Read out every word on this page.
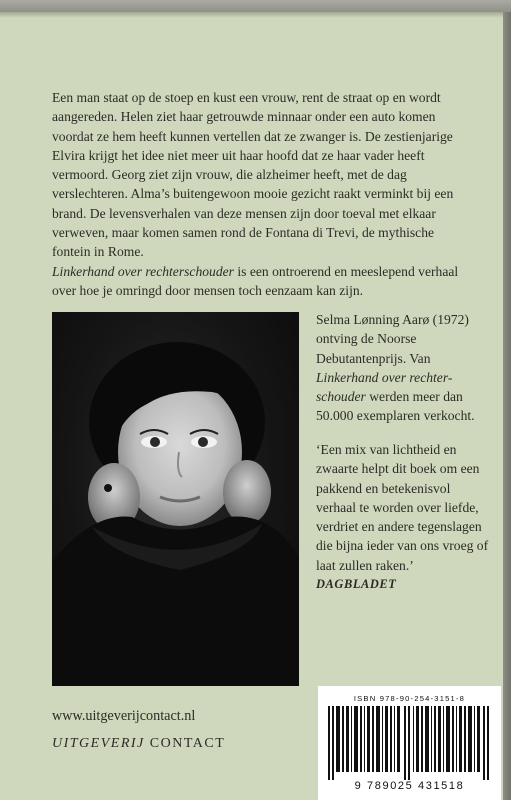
Een man staat op de stoep en kust een vrouw, rent de straat op en wordt aangereden. Helen ziet haar getrouwde minnaar onder een auto komen voordat ze hem heeft kunnen vertellen dat ze zwanger is. De zestienjarige Elvira krijgt het idee niet meer uit haar hoofd dat ze haar vader heeft vermoord. Georg ziet zijn vrouw, die alzheimer heeft, met de dag verslechteren. Alma’s buitengewoon mooie gezicht raakt verminkt bij een brand. De levensverhalen van deze mensen zijn door toeval met elkaar verweven, maar komen samen rond de Fontana di Trevi, de mythische fontein in Rome.

Linkerhand over rechterschouder is een ontroerend en meeslepend verhaal over hoe je omringd door mensen toch eenzaam kan zijn.

Selma Lønning Aarø (1972) ontving de Noorse Debutantenprijs. Van Linkerhand over rechter-schouder werden meer dan 50.000 exemplaren verkocht.
‘Een mix van lichtheid en zwaarte helpt dit boek om een pakkend en betekenisvol verhaal te worden over liefde, verdriet en andere tegenslagen die bijna ieder van ons vroeg of laat zullen raken.’
DAGBLADET
www.uitgeverijcontact.nl
UITGEVERIJ CONTACT
ISBN 978-90-254-3151-8
9 789025 431518
